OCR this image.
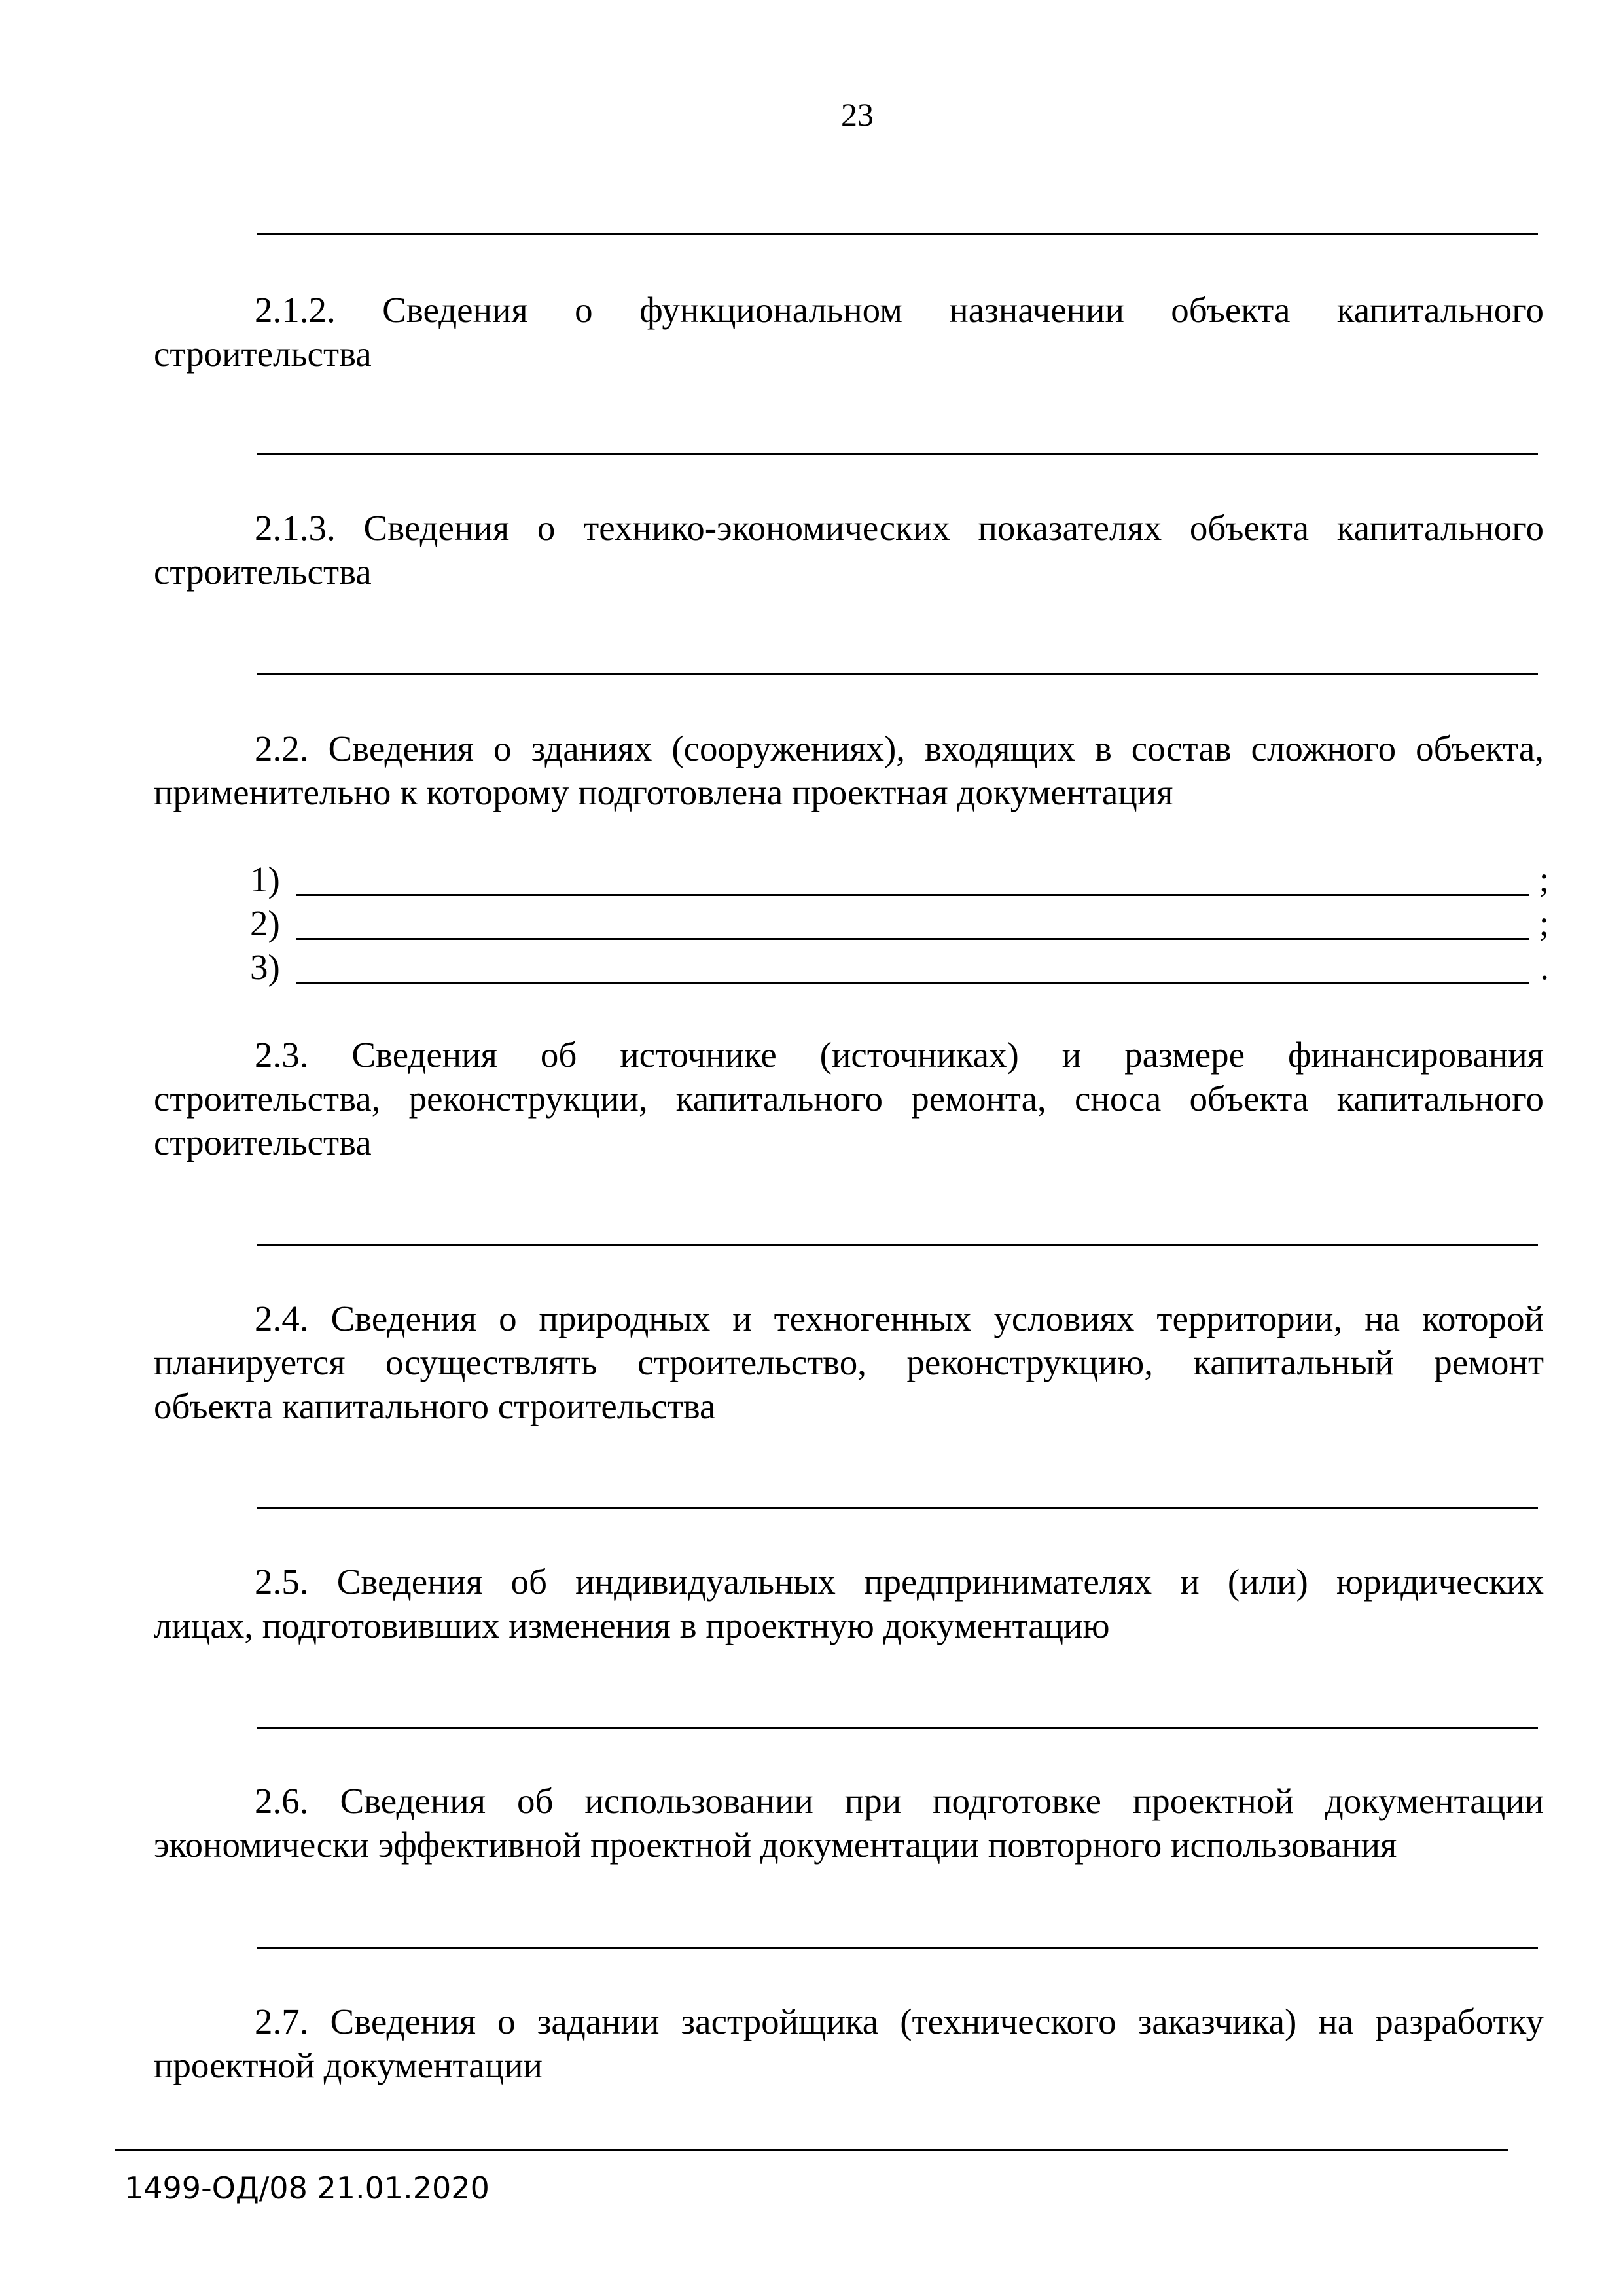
23
2.1.2. Сведения о функциональном назначении объекта капитального
строительства
2.1.3. Сведения о технико-экономических показателях объекта капитального
строительства
2.2. Сведения о зданиях (сооружениях), входящих в состав сложного объекта,
применительно к которому подготовлена проектная документация
1)	;
2)	;
3)	.
2.3. Сведения об источнике (источниках) и размере финансирования
строительства, реконструкции, капитального ремонта, сноса объекта капитального
строительства
2.4. Сведения о природных и техногенных условиях территории, на которой
планируется осуществлять строительство, реконструкцию, капитальный ремонт
объекта капитального строительства
2.5. Сведения об индивидуальных предпринимателях и (или) юридических
лицах, подготовивших изменения в проектную документацию
2.6. Сведения об использовании при подготовке проектной документации
экономически эффективной проектной документации повторного использования
2.7. Сведения о задании застройщика (технического заказчика) на разработку
проектной документации
1499-ОД/08 21.01.2020
